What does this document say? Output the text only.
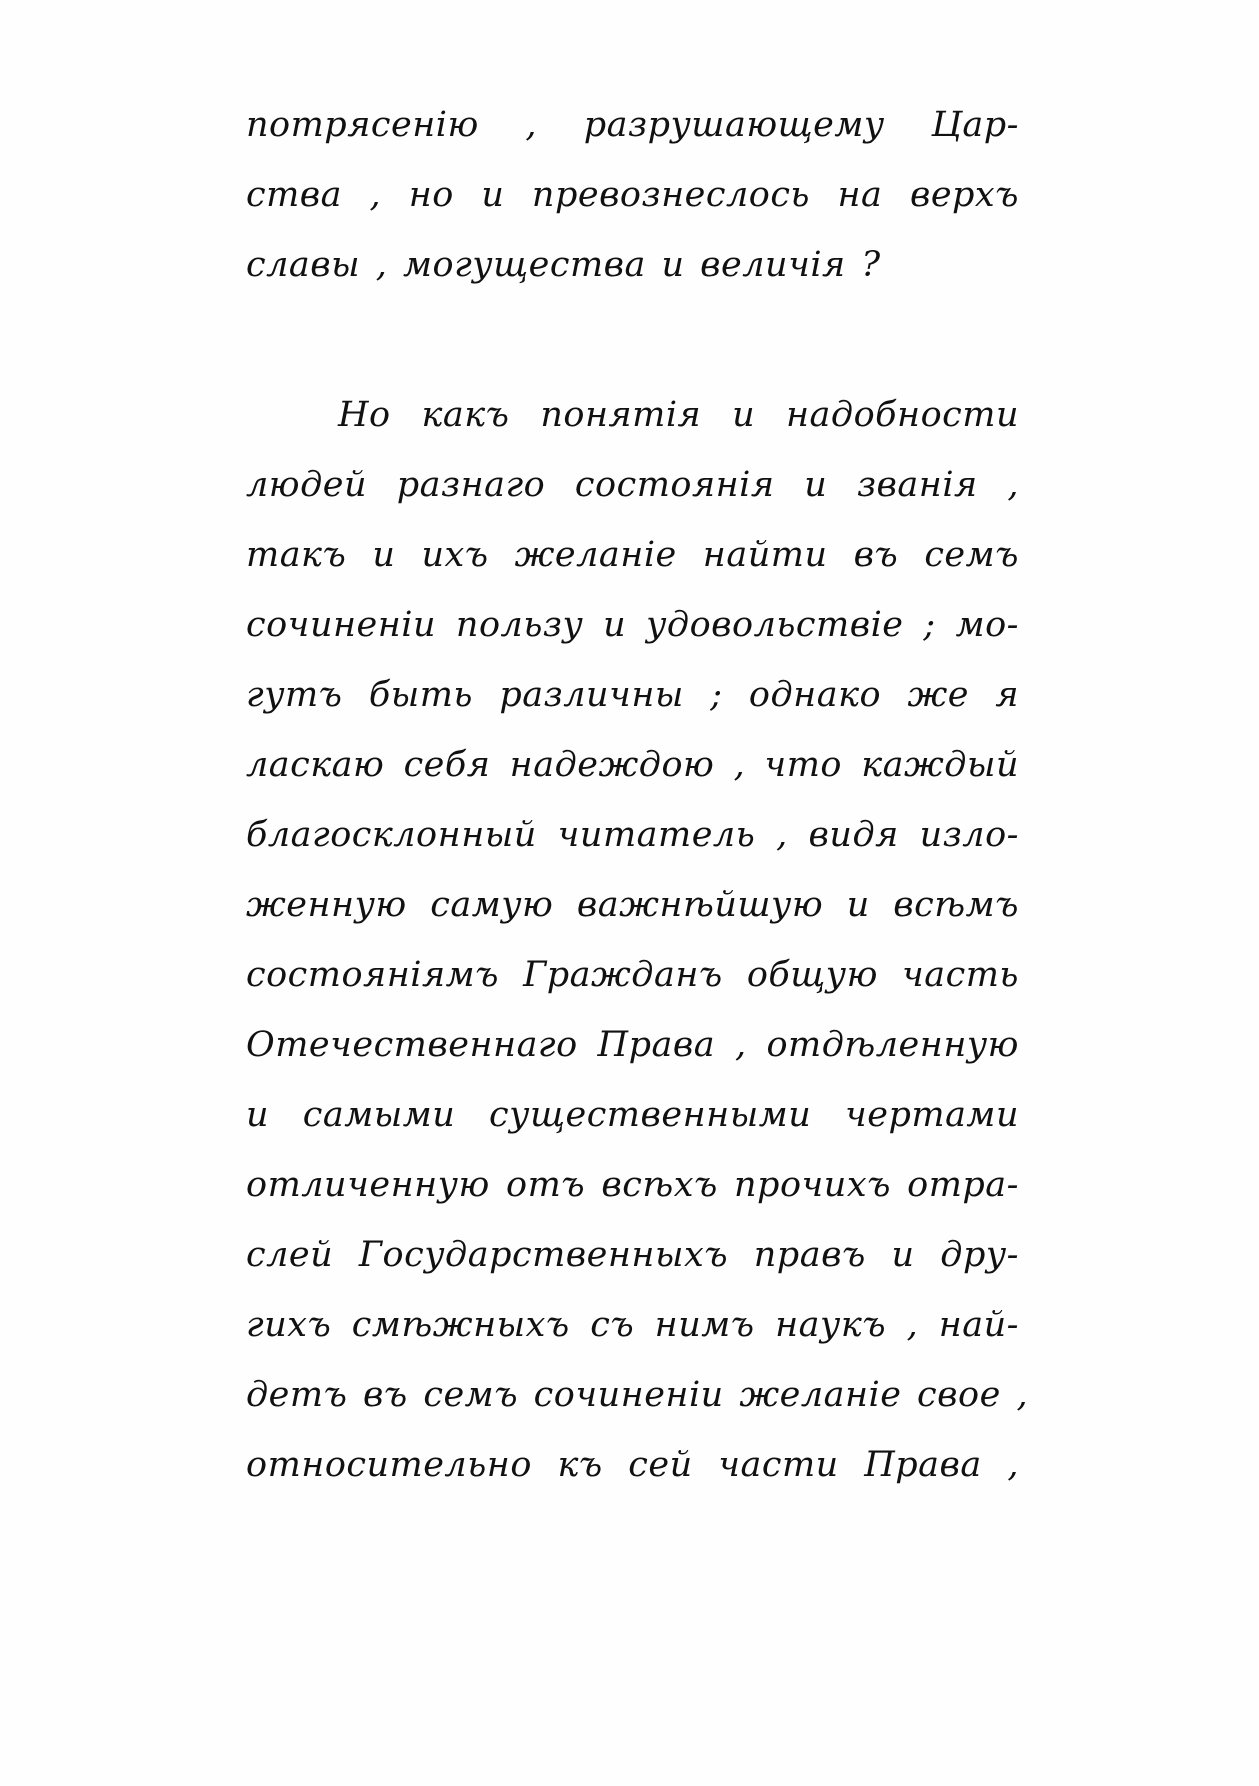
потрясенію , разрушающему Цар-
ства , но и превознеслось на верхъ
славы , могущества и величія ?
Но какъ понятія и надобности
людей разнаго состоянія и званія ,
такъ и ихъ желаніе найти въ семъ
сочиненіи пользу и удовольствіе ; мо-
гутъ быть различны ; однако же я
ласкаю себя надеждою , что каждый
благосклонный читатель , видя изло-
женную самую важнѣйшую и всѣмъ
состояніямъ Гражданъ общую часть
Отечественнаго Права , отдѣленную
и самыми существенными чертами
отличенную отъ всѣхъ прочихъ отра-
слей Государственныхъ правъ и дру-
гихъ смѣжныхъ съ нимъ наукъ , най-
детъ въ семъ сочиненіи желаніе свое ,
относительно къ сей части Права ,
